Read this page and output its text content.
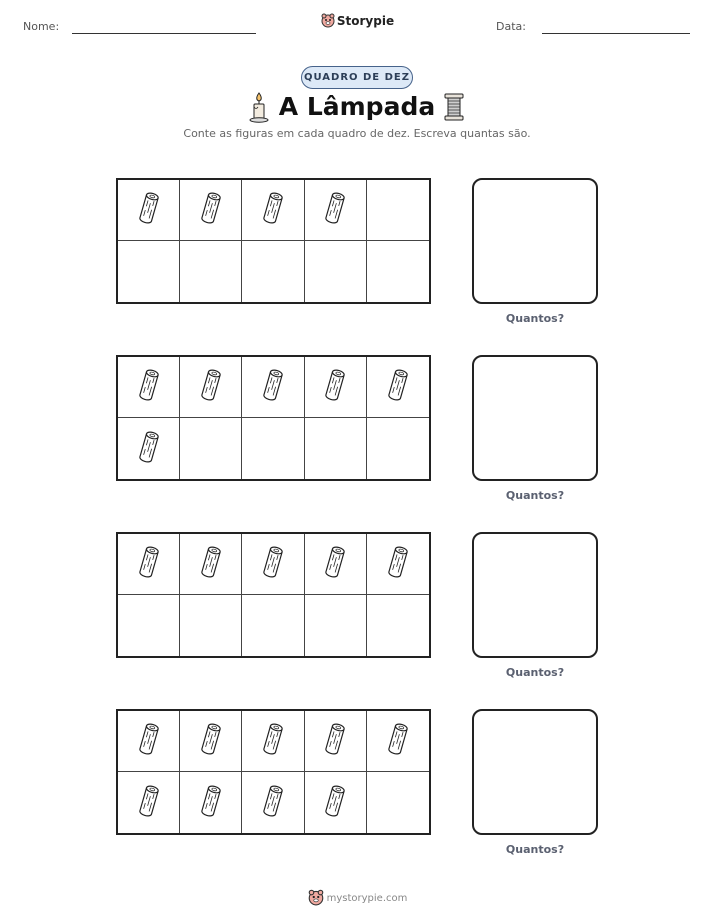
Nome:	Storypie	Data:
QUADRO DE DEZ
A Lâmpada
Conte as figuras em cada quadro de dez. Escreva quantas são.
Quantos?
Quantos?
Quantos?
Quantos?
mystorypie.com
